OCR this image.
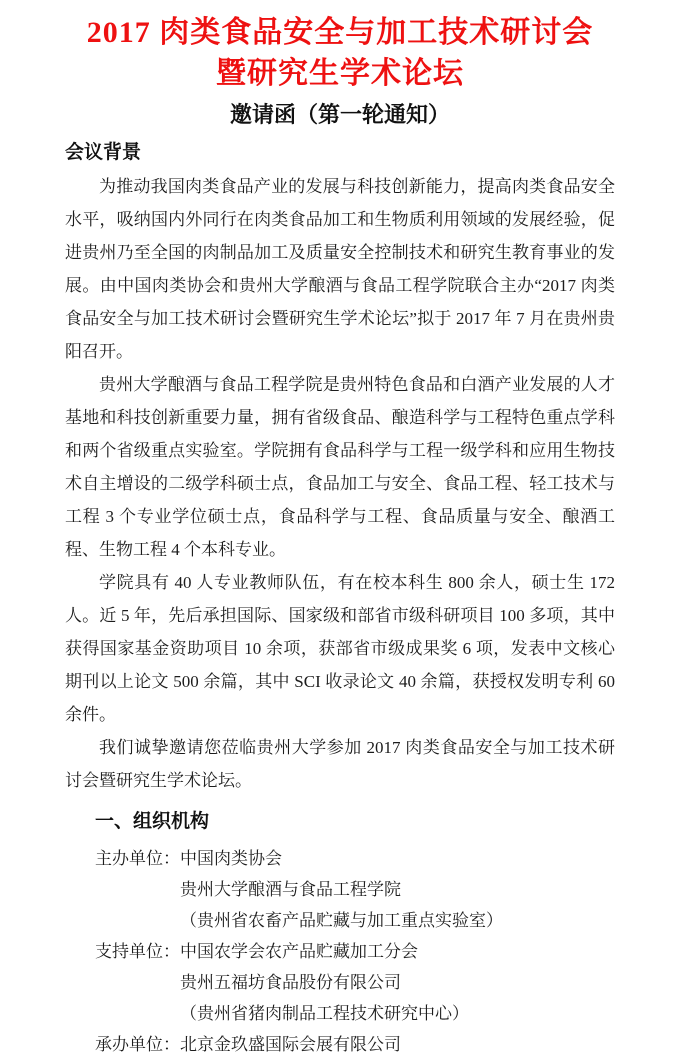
2017 肉类食品安全与加工技术研讨会
暨研究生学术论坛
邀请函（第一轮通知）
会议背景

为推动我国肉类食品产业的发展与科技创新能力，提高肉类食品安全水平，吸纳国内外同行在肉类食品加工和生物质利用领域的发展经验，促进贵州乃至全国的肉制品加工及质量安全控制技术和研究生教育事业的发展。由中国肉类协会和贵州大学酿酒与食品工程学院联合主办“2017 肉类食品安全与加工技术研讨会暨研究生学术论坛”拟于 2017 年 7 月在贵州贵阳召开。

贵州大学酿酒与食品工程学院是贵州特色食品和白酒产业发展的人才基地和科技创新重要力量，拥有省级食品、酿造科学与工程特色重点学科和两个省级重点实验室。学院拥有食品科学与工程一级学科和应用生物技术自主增设的二级学科硕士点，食品加工与安全、食品工程、轻工技术与工程 3 个专业学位硕士点，食品科学与工程、食品质量与安全、酿酒工程、生物工程 4 个本科专业。

学院具有 40 人专业教师队伍，有在校本科生 800 余人，硕士生 172 人。近 5 年，先后承担国际、国家级和部省市级科研项目 100 多项，其中获得国家基金资助项目 10 余项，获部省市级成果奖 6 项，发表中文核心期刊以上论文 500 余篇，其中 SCI 收录论文 40 余篇，获授权发明专利 60 余件。

我们诚挚邀请您莅临贵州大学参加 2017 肉类食品安全与加工技术研讨会暨研究生学术论坛。

一、组织机构
主办单位： 中国肉类协会
贵州大学酿酒与食品工程学院
（贵州省农畜产品贮藏与加工重点实验室）
支持单位： 中国农学会农产品贮藏加工分会
贵州五福坊食品股份有限公司
（贵州省猪肉制品工程技术研究中心）
承办单位： 北京金玖盛国际会展有限公司
